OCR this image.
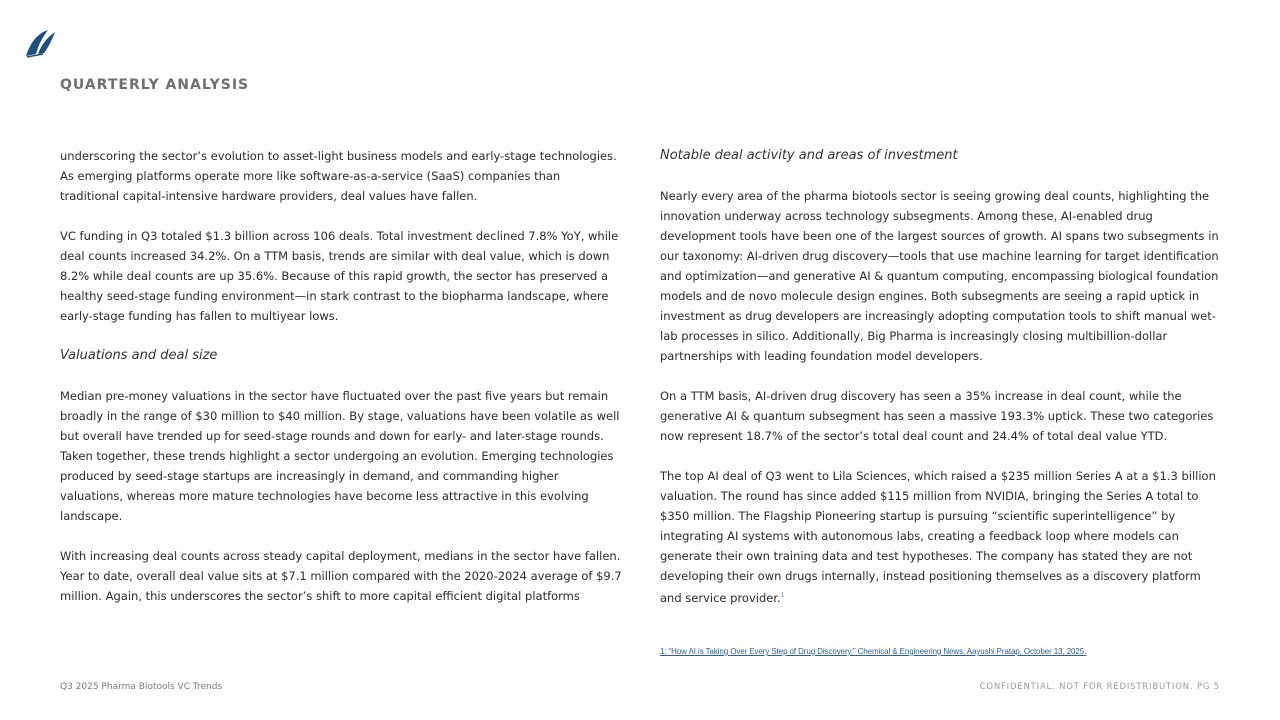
QUARTERLY ANALYSIS

underscoring the sector’s evolution to asset-light business models and early-stage technologies. As emerging platforms operate more like software-as-a-service (SaaS) companies than traditional capital-intensive hardware providers, deal values have fallen.

VC funding in Q3 totaled $1.3 billion across 106 deals. Total investment declined 7.8% YoY, while deal counts increased 34.2%. On a TTM basis, trends are similar with deal value, which is down 8.2% while deal counts are up 35.6%. Because of this rapid growth, the sector has preserved a healthy seed-stage funding environment—in stark contrast to the biopharma landscape, where early-stage funding has fallen to multiyear lows.

Valuations and deal size

Median pre-money valuations in the sector have fluctuated over the past five years but remain broadly in the range of $30 million to $40 million. By stage, valuations have been volatile as well but overall have trended up for seed-stage rounds and down for early- and later-stage rounds. Taken together, these trends highlight a sector undergoing an evolution. Emerging technologies produced by seed-stage startups are increasingly in demand, and commanding higher valuations, whereas more mature technologies have become less attractive in this evolving landscape.

With increasing deal counts across steady capital deployment, medians in the sector have fallen. Year to date, overall deal value sits at $7.1 million compared with the 2020-2024 average of $9.7 million. Again, this underscores the sector’s shift to more capital efficient digital platforms

Notable deal activity and areas of investment

Nearly every area of the pharma biotools sector is seeing growing deal counts, highlighting the innovation underway across technology subsegments. Among these, AI-enabled drug development tools have been one of the largest sources of growth. AI spans two subsegments in our taxonomy: AI-driven drug discovery—tools that use machine learning for target identification and optimization—and generative AI & quantum computing, encompassing biological foundation models and de novo molecule design engines. Both subsegments are seeing a rapid uptick in investment as drug developers are increasingly adopting computation tools to shift manual wet-lab processes in silico. Additionally, Big Pharma is increasingly closing multibillion-dollar partnerships with leading foundation model developers.

On a TTM basis, AI-driven drug discovery has seen a 35% increase in deal count, while the generative AI & quantum subsegment has seen a massive 193.3% uptick. These two categories now represent 18.7% of the sector’s total deal count and 24.4% of total deal value YTD.

The top AI deal of Q3 went to Lila Sciences, which raised a $235 million Series A at a $1.3 billion valuation. The round has since added $115 million from NVIDIA, bringing the Series A total to $350 million. The Flagship Pioneering startup is pursuing “scientific superintelligence” by integrating AI systems with autonomous labs, creating a feedback loop where models can generate their own training data and test hypotheses. The company has stated they are not developing their own drugs internally, instead positioning themselves as a discovery platform and service provider.$^1$

1: “How AI is Taking Over Every Step of Drug Discovery,” Chemical & Engineering News, Aayushi Pratap, October 13, 2025.
Q3 2025 Pharma Biotools VC Trends	CONFIDENTIAL. NOT FOR REDISTRIBUTION. PG 5
